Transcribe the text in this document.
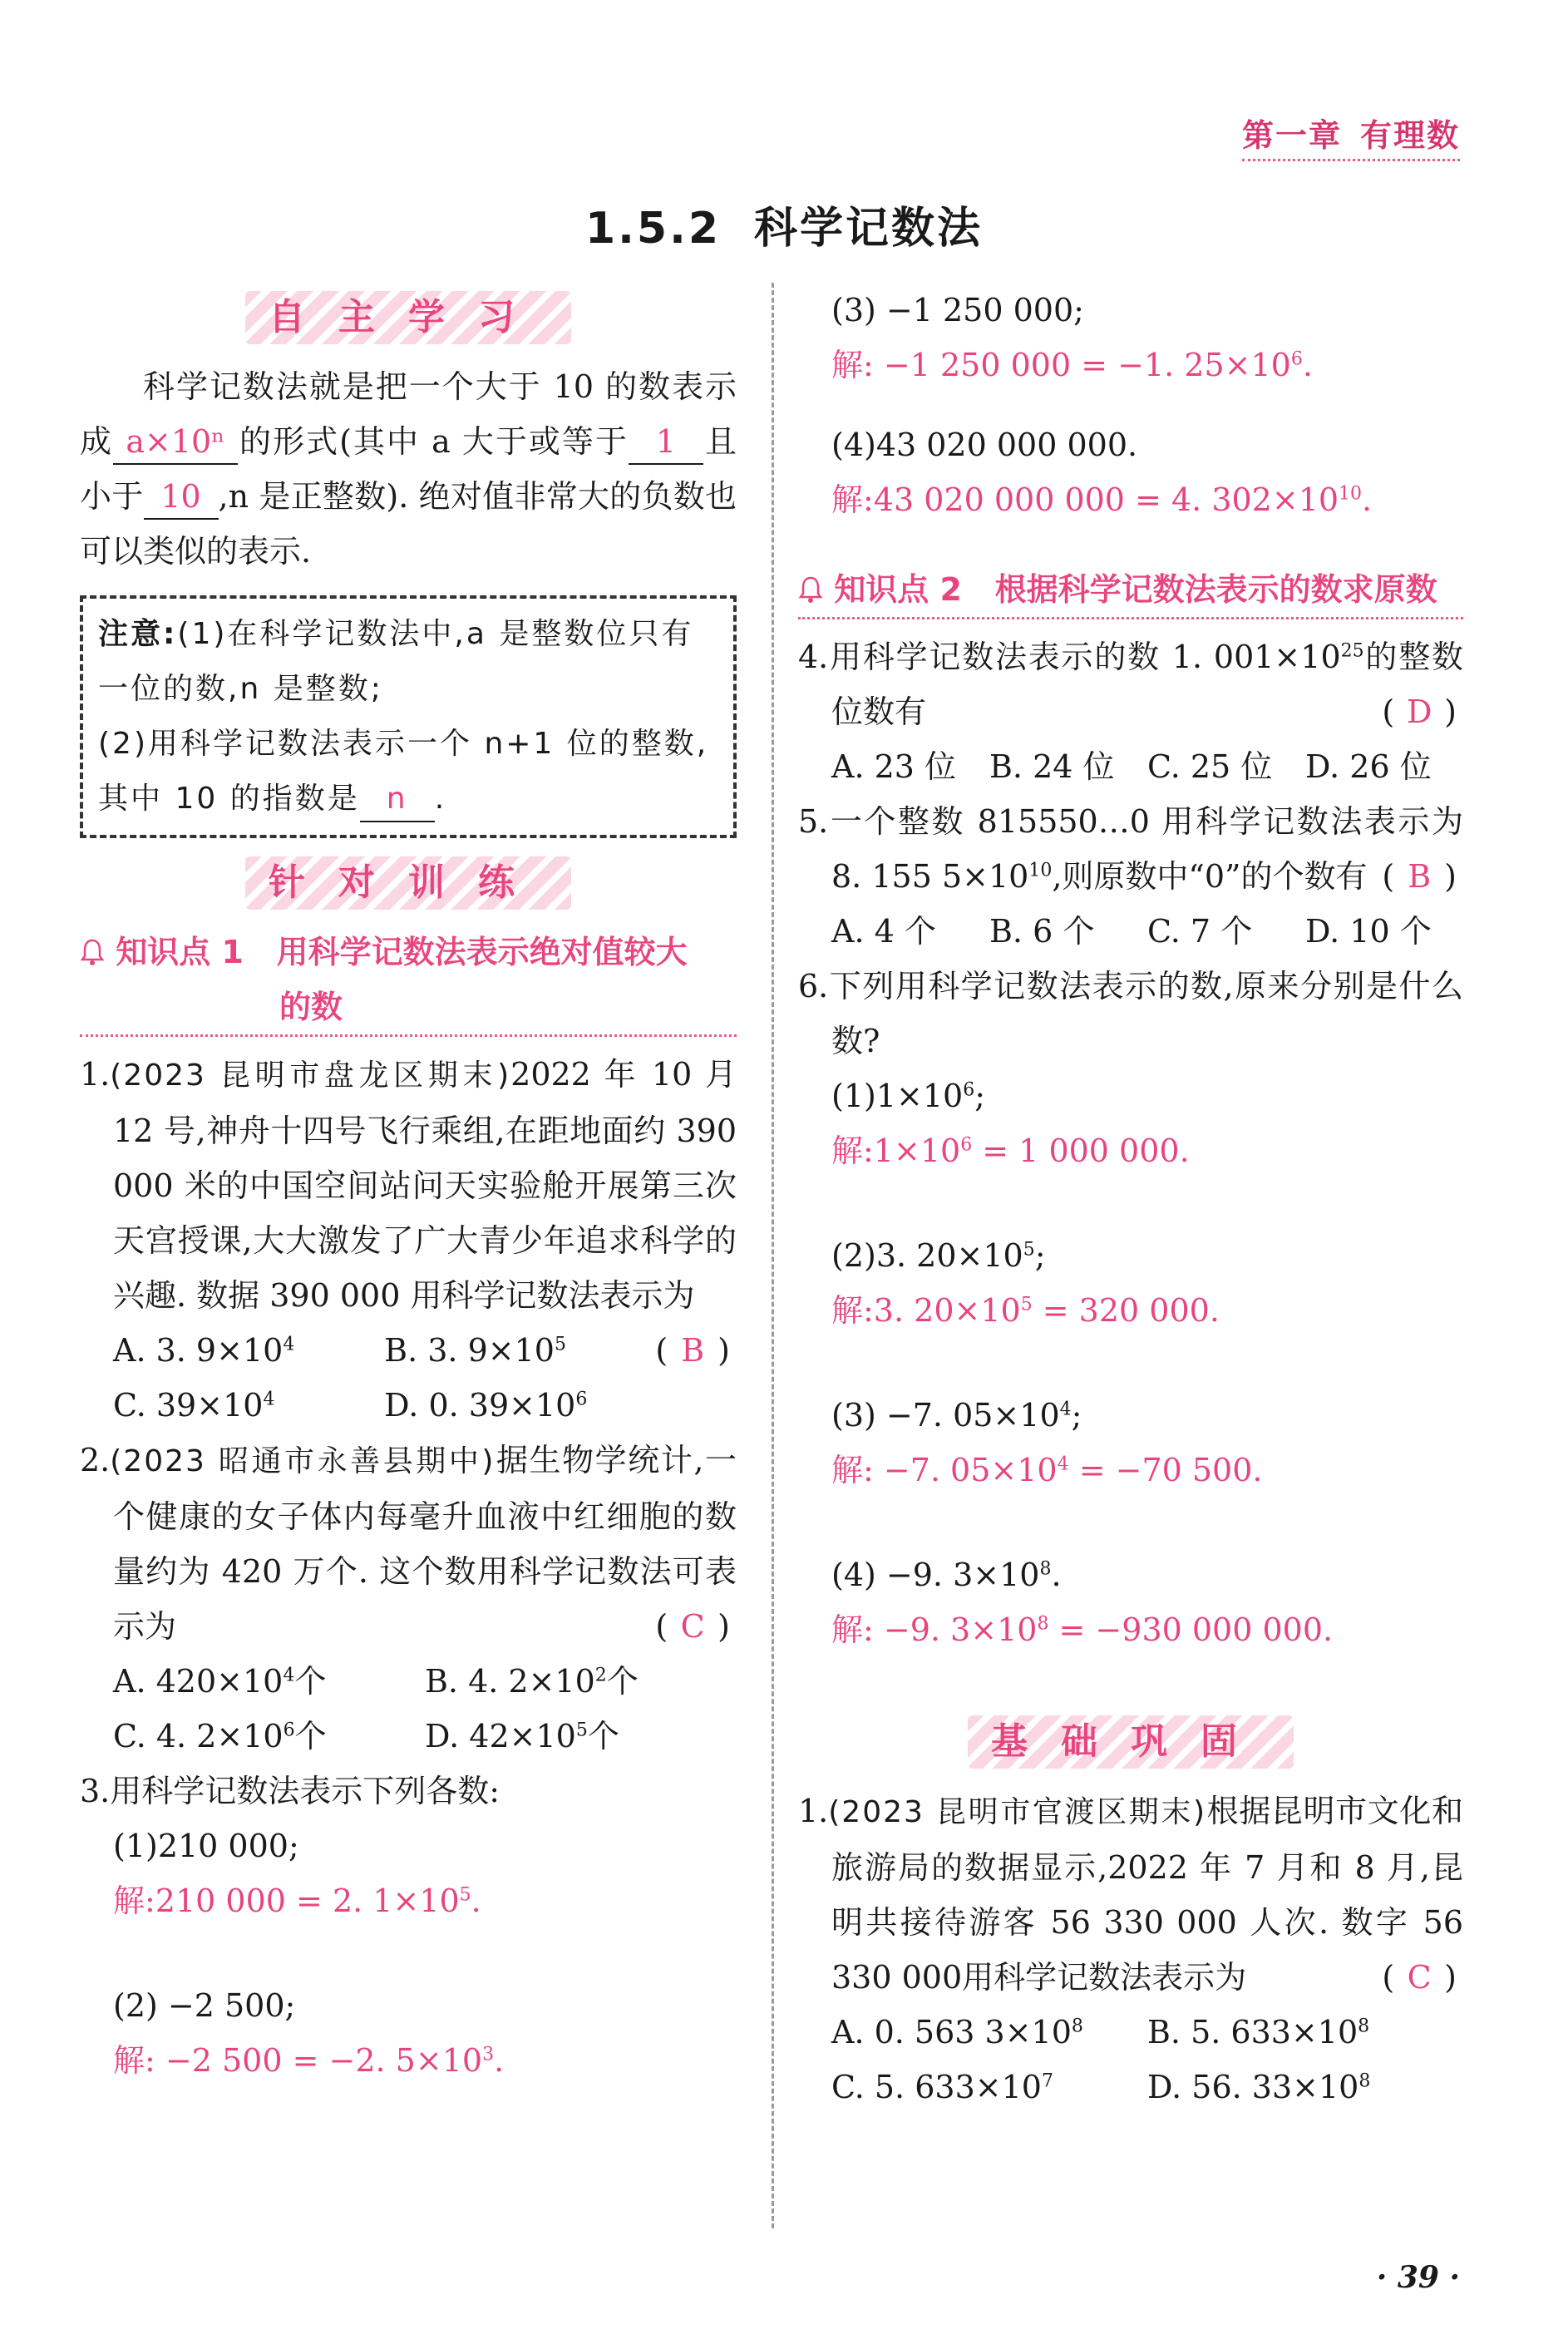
第一章 有理数
1.5.2 科学记数法
自主学习
科学记数法就是把一个大于 10 的数表示成 a×10ⁿ 的形式(其中 a 大于或等于 1 且小于 10 ,n 是正整数). 绝对值非常大的负数也可以类似的表示.
注意:(1)在科学记数法中,a 是整数位只有一位的数,n 是整数;
(2)用科学记数法表示一个 n+1 位的整数,其中 10 的指数是 n .
针对训练
知识点 1 用科学记数法表示绝对值较大
的数
1.(2023 昆明市盘龙区期末)2022 年 10 月 12 号,神舟十四号飞行乘组,在距地面约 390 000 米的中国空间站问天实验舱开展第三次天宫授课,大大激发了广大青少年追求科学的兴趣. 数据 390 000 用科学记数法表示为
( B )
A. 3. $9\times 10^4$	B. 3. $9\times 10^5$
C. $39\times 10^4$	D. 0. $39\times 10^6$
2.(2023 昭通市永善县期中)据生物学统计,一个健康的女子体内每毫升血液中红细胞的数量约为 420 万个. 这个数用科学记数法可表示为	( C )
A. $420\times 10^4$个	B. 4. $2\times 10^2$个
C. 4. $2\times 10^6$个	D. $42\times 10^5$个
3.用科学记数法表示下列各数:
(1)210 000;
解:210 000 = 2. $1\times 10^5$.
(2) −2 500;
解: −2 500 = −2. $5\times 10^3$.
(3) −1 250 000;
解: −1 250 000 = −1. $25\times 10^6$.
(4)43 020 000 000.
解:43 020 000 000 = 4. $302\times 10^{10}$.
知识点 2 根据科学记数法表示的数求原数
4.用科学记数法表示的数 1. $001\times 10^{25}$的整数位数有	( D )
A. 23 位	B. 24 位	C. 25 位	D. 26 位
5.一个整数 815550…0 用科学记数法表示为 8. 155 $5\times 10^{10}$,则原数中“0”的个数有 ( B )
A. 4 个	B. 6 个	C. 7 个	D. 10 个
6.下列用科学记数法表示的数,原来分别是什么数?
$(1)1\times 10^6$;
解$:1\times 10^6 = 1$ 000 000.
(2)3. $20\times 10^5$;
解:3. $20\times 10^5 = 320$ 000.
(3) −7. $05\times 10^4$;
解: −7. $05\times 10^4 = -70$ 500.
(4) −9. $3\times 10^8$.
解: −9. $3\times 10^8 = -930$ 000 000.
基础巩固
1.(2023 昆明市官渡区期末)根据昆明市文化和旅游局的数据显示,2022 年 7 月和 8 月,昆明共接待游客 56 330 000 人次. 数字 56 330 000用科学记数法表示为	( C )
A. 0. 563 $3\times 10^8$	B. 5. $633\times 10^8$
C. 5. $633\times 10^7$	D. 56. $33\times 10^8$
· 39 ·
